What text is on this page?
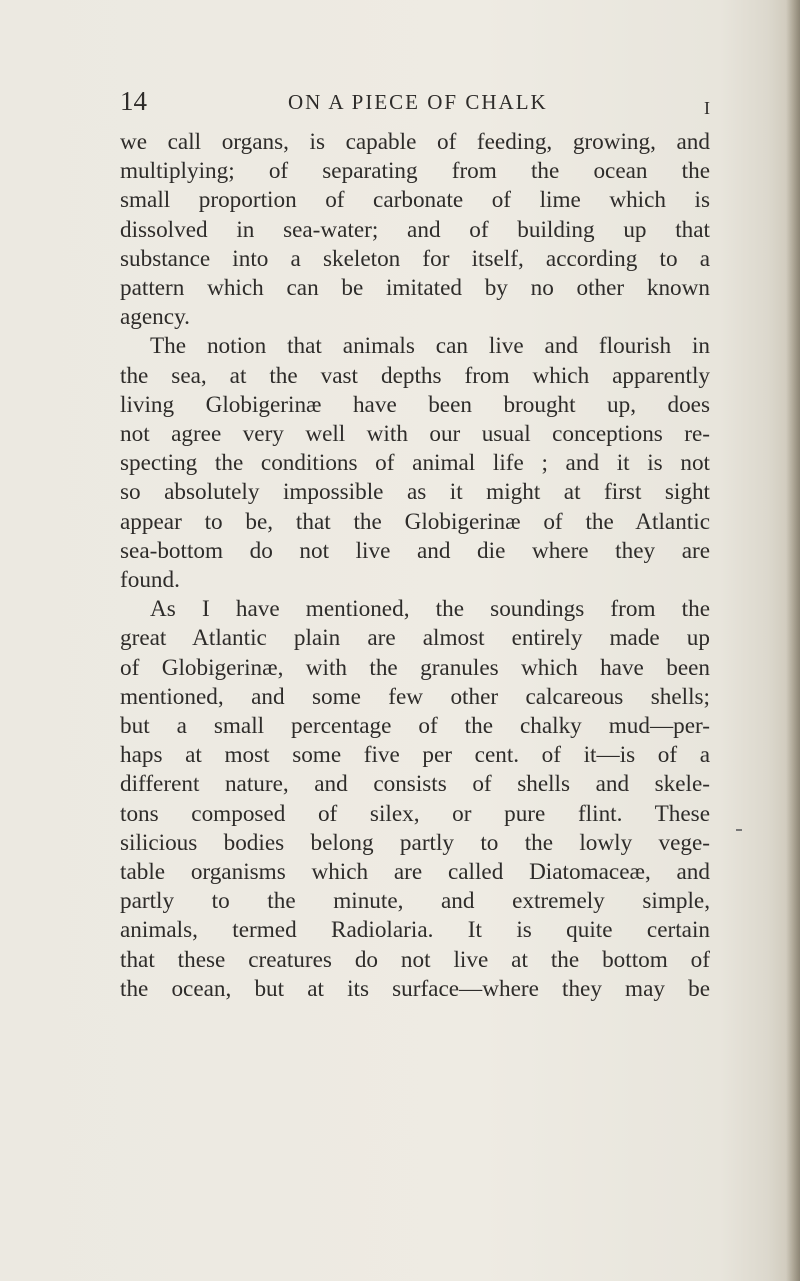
14	ON A PIECE OF CHALK	I
we call organs, is capable of feeding, growing, and
multiplying; of separating from the ocean the
small proportion of carbonate of lime which is
dissolved in sea-water; and of building up that
substance into a skeleton for itself, according to a
pattern which can be imitated by no other known
agency.
The notion that animals can live and flourish in
the sea, at the vast depths from which apparently
living Globigerinæ have been brought up, does
not agree very well with our usual conceptions re-
specting the conditions of animal life ; and it is not
so absolutely impossible as it might at first sight
appear to be, that the Globigerinæ of the Atlantic
sea-bottom do not live and die where they are
found.
As I have mentioned, the soundings from the
great Atlantic plain are almost entirely made up
of Globigerinæ, with the granules which have been
mentioned, and some few other calcareous shells;
but a small percentage of the chalky mud—per-
haps at most some five per cent. of it—is of a
different nature, and consists of shells and skele-
tons composed of silex, or pure flint. These
silicious bodies belong partly to the lowly vege-
table organisms which are called Diatomaceæ, and
partly to the minute, and extremely simple,
animals, termed Radiolaria. It is quite certain
that these creatures do not live at the bottom of
the ocean, but at its surface—where they may be
